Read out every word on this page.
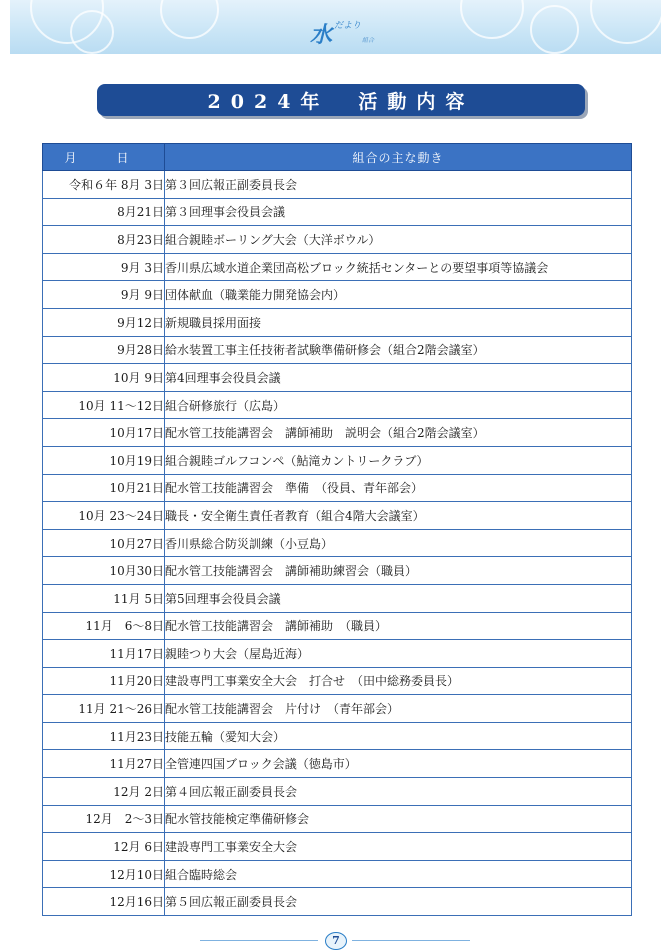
水 $^{だより}$組合
2024年　活動内容
月　日	組合の主な動き
令和６年 8月 3日	第３回広報正副委員長会
8月21日	第３回理事会役員会議
8月23日	組合親睦ボーリング大会（大洋ボウル）
9月 3日	香川県広域水道企業団高松ブロック統括センターとの要望事項等協議会
9月 9日	団体献血（職業能力開発協会内）
9月12日	新規職員採用面接
9月28日	給水装置工事主任技術者試験準備研修会（組合2階会議室）
10月 9日	第4回理事会役員会議
10月 11～12日	組合研修旅行（広島）
10月17日	配水管工技能講習会　講師補助　説明会（組合2階会議室）
10月19日	組合親睦ゴルフコンペ（鮎滝カントリークラブ）
10月21日	配水管工技能講習会　準備　（役員、青年部会）
10月 23～24日	職長・安全衛生責任者教育（組合4階大会議室）
10月27日	香川県総合防災訓練（小豆島）
10月30日	配水管工技能講習会　講師補助練習会（職員）
11月 5日	第5回理事会役員会議
11月　6～8日	配水管工技能講習会　講師補助　（職員）
11月17日	親睦つり大会（屋島近海）
11月20日	建設専門工事業安全大会　打合せ　（田中総務委員長）
11月 21～26日	配水管工技能講習会　片付け　（青年部会）
11月23日	技能五輪（愛知大会）
11月27日	全管連四国ブロック会議（徳島市）
12月 2日	第４回広報正副委員長会
12月　2～3日	配水管技能検定準備研修会
12月 6日	建設専門工事業安全大会
12月10日	組合臨時総会
12月16日	第５回広報正副委員長会
7
